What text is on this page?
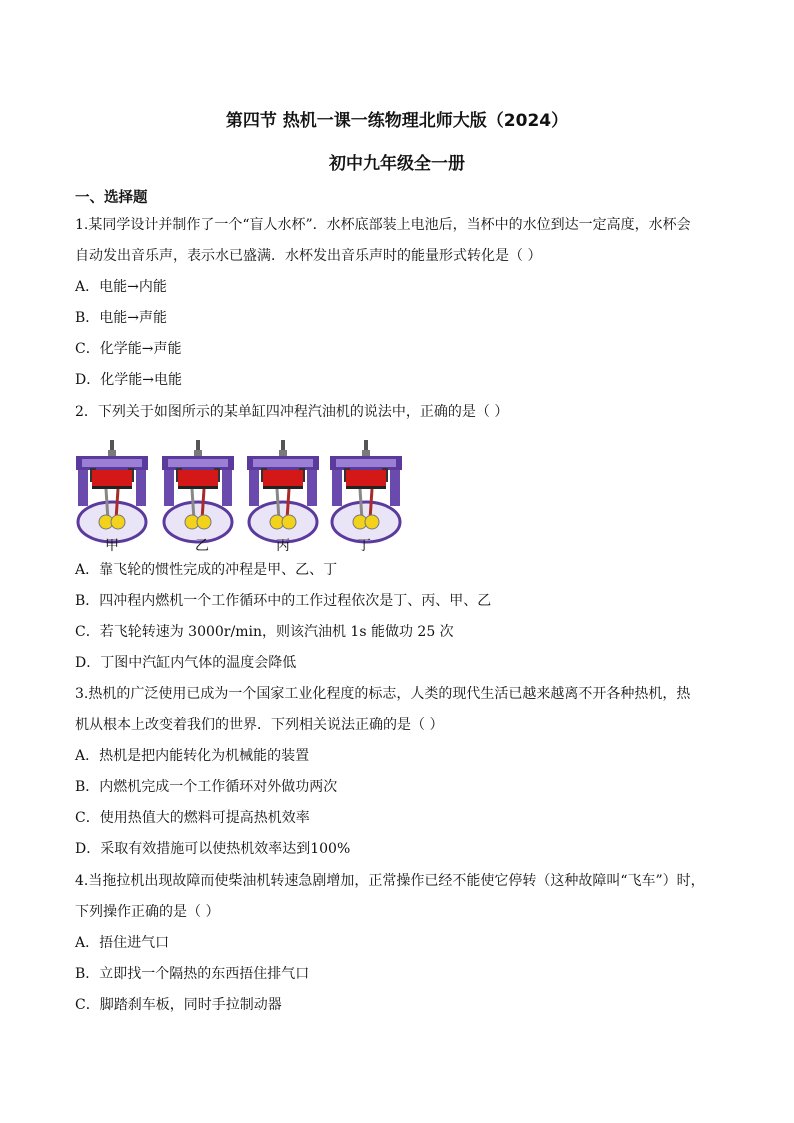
第四节 热机一课一练物理北师大版（2024）
初中九年级全一册
一、选择题
1.某同学设计并制作了一个“盲人水杯”．水杯底部装上电池后，当杯中的水位到达一定高度，水杯会
自动发出音乐声，表示水已盛满．水杯发出音乐声时的能量形式转化是（ ）
A．电能→内能
B．电能→声能
C．化学能→声能
D．化学能→电能
2．下列关于如图所示的某单缸四冲程汽油机的说法中，正确的是（ ）
甲	乙	丙	丁
A．靠飞轮的惯性完成的冲程是甲、乙、丁
B．四冲程内燃机一个工作循环中的工作过程依次是丁、丙、甲、乙
C．若飞轮转速为 3000r/min，则该汽油机 1s 能做功 25 次
D．丁图中汽缸内气体的温度会降低
3.热机的广泛使用已成为一个国家工业化程度的标志，人类的现代生活已越来越离不开各种热机，热
机从根本上改变着我们的世界．下列相关说法正确的是（ ）
A．热机是把内能转化为机械能的装置
B．内燃机完成一个工作循环对外做功两次
C．使用热值大的燃料可提高热机效率
D．采取有效措施可以使热机效率达到100%
4.当拖拉机出现故障而使柴油机转速急剧增加，正常操作已经不能使它停转（这种故障叫“飞车”）时，
下列操作正确的是（ ）
A．捂住进气口
B．立即找一个隔热的东西捂住排气口
C．脚踏刹车板，同时手拉制动器
